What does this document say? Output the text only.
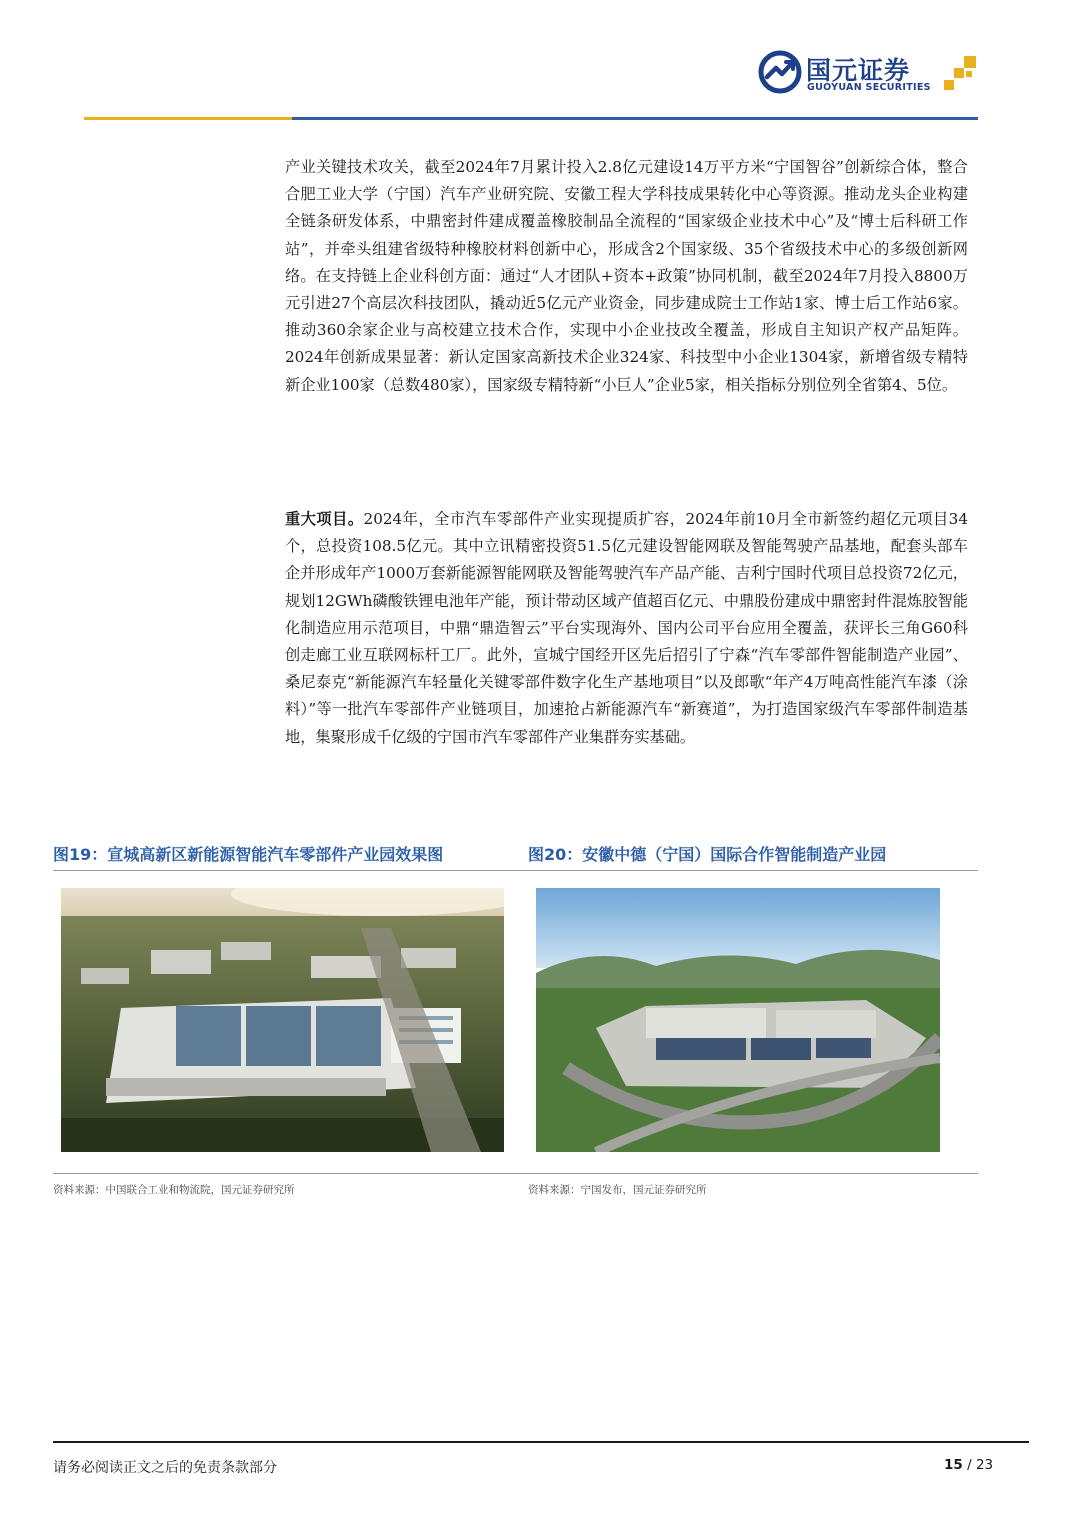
国元证券
GUOYUAN SECURITIES

产业关键技术攻关，截至2024年7月累计投入2.8亿元建设14万平方米“宁国智谷”创新综合体，整合合肥工业大学（宁国）汽车产业研究院、安徽工程大学科技成果转化中心等资源。推动龙头企业构建全链条研发体系，中鼎密封件建成覆盖橡胶制品全流程的“国家级企业技术中心”及“博士后科研工作站”，并牵头组建省级特种橡胶材料创新中心，形成含2个国家级、35个省级技术中心的多级创新网络。在支持链上企业科创方面：通过“人才团队+资本+政策”协同机制，截至2024年7月投入8800万元引进27个高层次科技团队，撬动近5亿元产业资金，同步建成院士工作站1家、博士后工作站6家。推动360余家企业与高校建立技术合作，实现中小企业技改全覆盖，形成自主知识产权产品矩阵。2024年创新成果显著：新认定国家高新技术企业324家、科技型中小企业1304家，新增省级专精特新企业100家（总数480家），国家级专精特新“小巨人”企业5家，相关指标分别位列全省第4、5位。

重大项目。2024年，全市汽车零部件产业实现提质扩容，2024年前10月全市新签约超亿元项目34个，总投资108.5亿元。其中立讯精密投资51.5亿元建设智能网联及智能驾驶产品基地，配套头部车企并形成年产1000万套新能源智能网联及智能驾驶汽车产品产能、吉利宁国时代项目总投资72亿元，规划12GWh磷酸铁锂电池年产能，预计带动区域产值超百亿元、中鼎股份建成中鼎密封件混炼胶智能化制造应用示范项目，中鼎“鼎造智云”平台实现海外、国内公司平台应用全覆盖，获评长三角G60科创走廊工业互联网标杆工厂。此外，宣城宁国经开区先后招引了宁森“汽车零部件智能制造产业园”、桑尼泰克“新能源汽车轻量化关键零部件数字化生产基地项目”以及郎歌“年产4万吨高性能汽车漆（涂料）”等一批汽车零部件产业链项目，加速抢占新能源汽车“新赛道”，为打造国家级汽车零部件制造基地，集聚形成千亿级的宁国市汽车零部件产业集群夯实基础。

图19：宣城高新区新能源智能汽车零部件产业园效果图	图20：安徽中德（宁国）国际合作智能制造产业园
资料来源：中国联合工业和物流院，国元证券研究所	资料来源：宁国发布，国元证券研究所
请务必阅读正文之后的免责条款部分	15 / 23
